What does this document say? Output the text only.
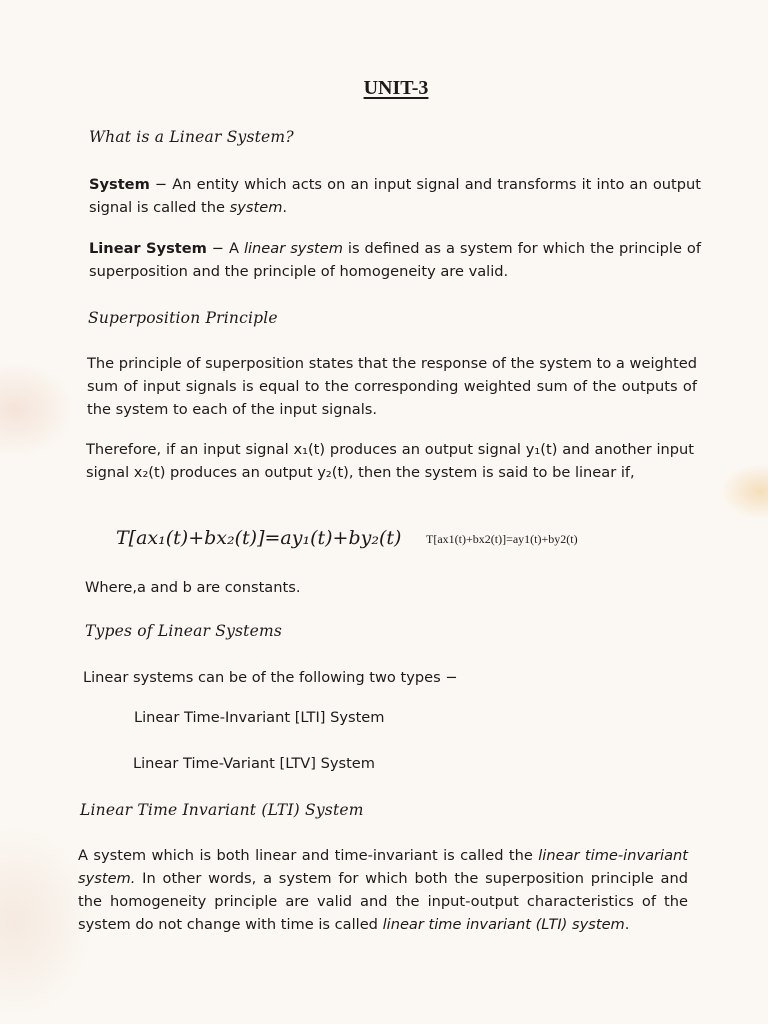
UNIT-3
What is a Linear System?

System − An entity which acts on an input signal and transforms it into an output signal is called the system.

Linear System − A linear system is defined as a system for which the principle of superposition and the principle of homogeneity are valid.

Superposition Principle

The principle of superposition states that the response of the system to a weighted sum of input signals is equal to the corresponding weighted sum of the outputs of the system to each of the input signals.

Therefore, if an input signal x₁(t) produces an output signal y₁(t) and another input signal x₂(t) produces an output y₂(t), then the system is said to be linear if,

T[ax₁(t)+bx₂(t)]=ay₁(t)+by₂(t) T[ax1(t)+bx2(t)]=ay1(t)+by2(t)

Where,a and b are constants.

Types of Linear Systems

Linear systems can be of the following two types −

Linear Time-Invariant [LTI] System
Linear Time-Variant [LTV] System
Linear Time Invariant (LTI) System

A system which is both linear and time-invariant is called the linear time-invariant system. In other words, a system for which both the superposition principle and the homogeneity principle are valid and the input-output characteristics of the system do not change with time is called linear time invariant (LTI) system.
